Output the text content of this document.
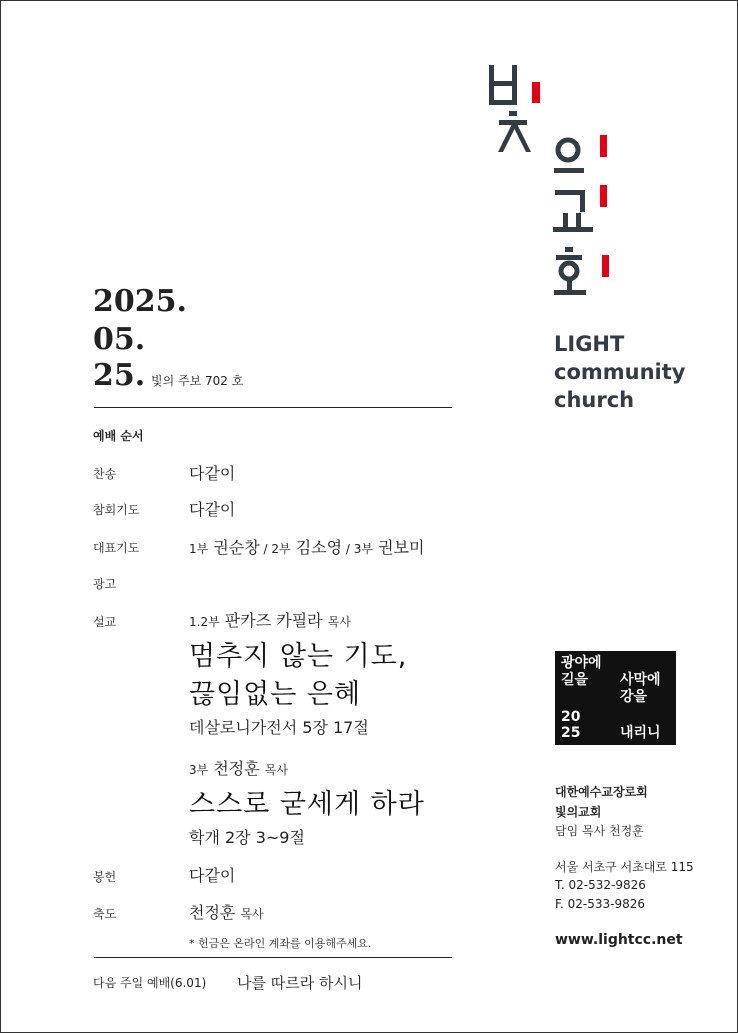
LIGHT
community
church
2025.
05.
25. 빛의 주보 702 호
예배 순서
찬송	다같이
참회기도	다같이
대표기도	1부 권순창 / 2부 김소영 / 3부 권보미
광고
설교	1.2부 판카즈 카필라 목사
멈추지 않는 기도,
끊임없는 은혜
데살로니가전서 5장 17절
3부 천정훈 목사
스스로 굳세게 하라
학개 2장 3~9절
봉헌	다같이
축도	천정훈 목사
* 헌금은 온라인 계좌를 이용해주세요.
다음 주일 예배(6.01) 나를 따르라 하시니
광야에
길을 사막에
강을
20
25	내리니
대한예수교장로회
빛의교회
담임 목사 천정훈
서울 서초구 서초대로 115
T. 02-532-9826
F. 02-533-9826
www.lightcc.net
